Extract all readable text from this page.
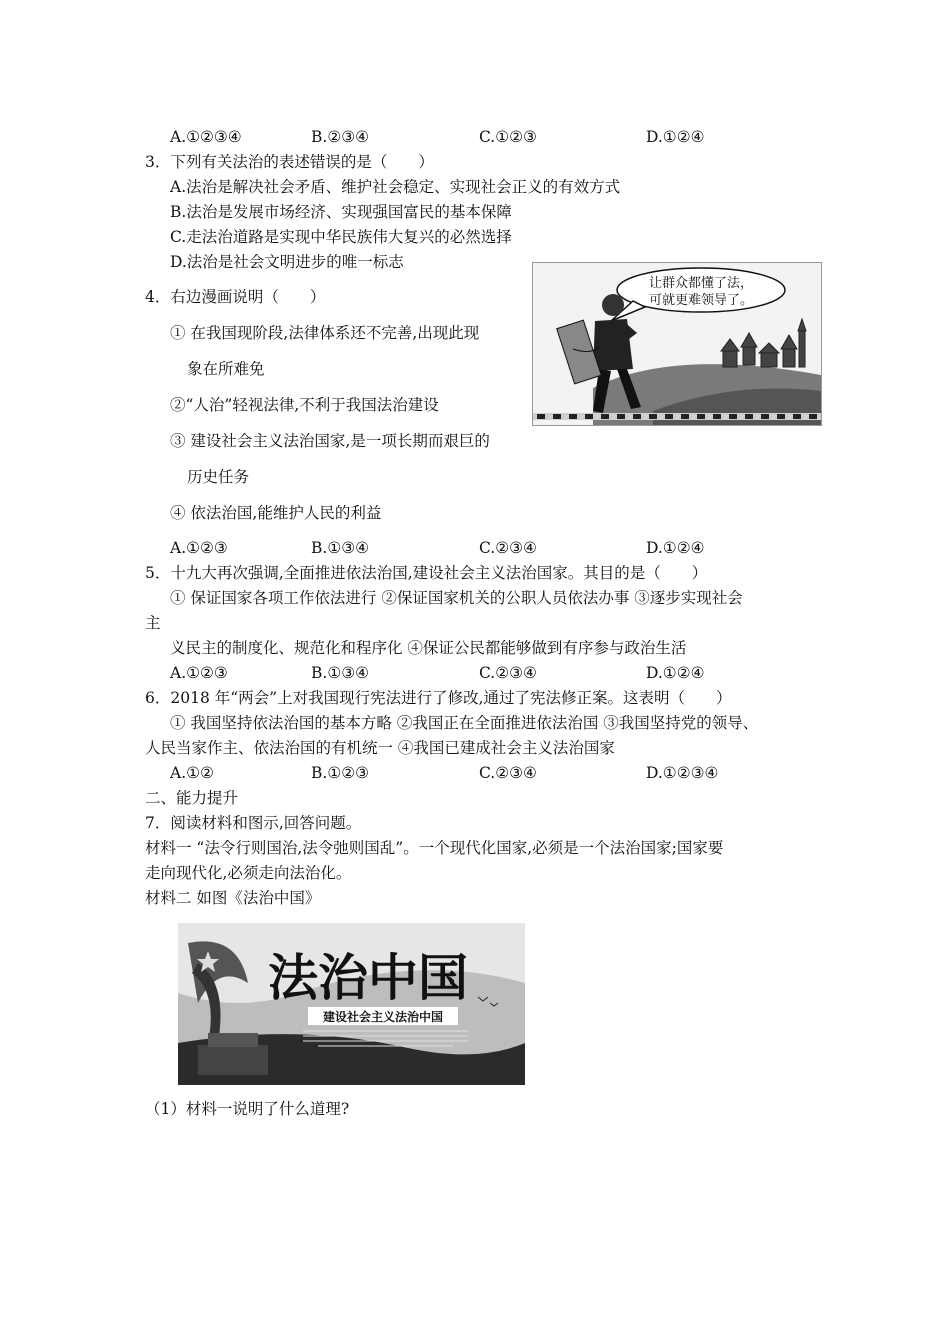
A.①②③④	B.②③④	C.①②③	D.①②④
3．下列有关法治的表述错误的是（　　）
A.法治是解决社会矛盾、维护社会稳定、实现社会正义的有效方式
B.法治是发展市场经济、实现强国富民的基本保障
C.走法治道路是实现中华民族伟大复兴的必然选择
D.法治是社会文明进步的唯一标志
4．右边漫画说明（　　）
① 在我国现阶段,法律体系还不完善,出现此现
象在所难免
②“人治”轻视法律,不利于我国法治建设
③ 建设社会主义法治国家,是一项长期而艰巨的
历史任务
④ 依法治国,能维护人民的利益
让群众都懂了法，
可就更难领导了。
A.①②③	B.①③④	C.②③④	D.①②④
5．十九大再次强调,全面推进依法治国,建设社会主义法治国家。其目的是（　　）
① 保证国家各项工作依法进行 ②保证国家机关的公职人员依法办事 ③逐步实现社会
主
义民主的制度化、规范化和程序化 ④保证公民都能够做到有序参与政治生活
A.①②③	B.①③④	C.②③④	D.①②④
6．2018 年“两会”上对我国现行宪法进行了修改,通过了宪法修正案。这表明（　　）
① 我国坚持依法治国的基本方略 ②我国正在全面推进依法治国 ③我国坚持党的领导、
人民当家作主、依法治国的有机统一 ④我国已建成社会主义法治国家
A.①②	B.①②③	C.②③④	D.①②③④
二、能力提升
7．阅读材料和图示,回答问题。
材料一 “法令行则国治,法令弛则国乱”。一个现代化国家,必须是一个法治国家;国家要
走向现代化,必须走向法治化。
材料二 如图《法治中国》
法治中国
建设社会主义法治中国
（1）材料一说明了什么道理?
